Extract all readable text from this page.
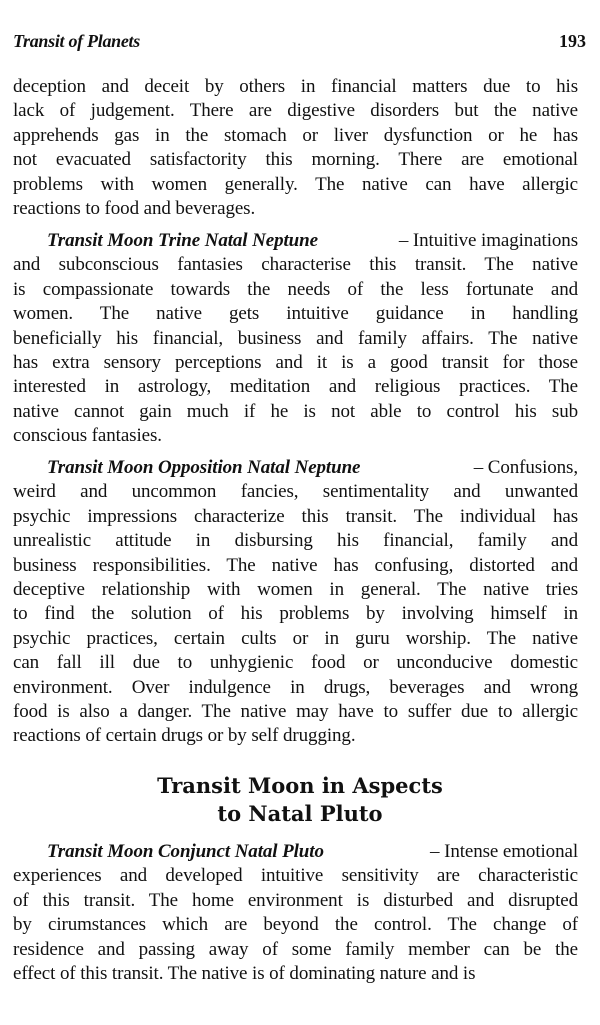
Transit of Planets	193
deception and deceit by others in financial matters due to his
lack of judgement. There are digestive disorders but the native
apprehends gas in the stomach or liver dysfunction or he has
not evacuated satisfactority this morning. There are emotional
problems with women generally. The native can have allergic
reactions to food and beverages.
Transit Moon Trine Natal Neptune	– Intuitive imaginations
and subconscious fantasies characterise this transit. The native
is compassionate towards the needs of the less fortunate and
women. The native gets intuitive guidance in handling
beneficially his financial, business and family affairs. The native
has extra sensory perceptions and it is a good transit for those
interested in astrology, meditation and religious practices. The
native cannot gain much if he is not able to control his sub
conscious fantasies.
Transit Moon Opposition Natal Neptune	– Confusions,
weird and uncommon fancies, sentimentality and unwanted
psychic impressions characterize this transit. The individual has
unrealistic attitude in disbursing his financial, family and
business responsibilities. The native has confusing, distorted and
deceptive relationship with women in general. The native tries
to find the solution of his problems by involving himself in
psychic practices, certain cults or in guru worship. The native
can fall ill due to unhygienic food or unconducive domestic
environment. Over indulgence in drugs, beverages and wrong
food is also a danger. The native may have to suffer due to allergic
reactions of certain drugs or by self drugging.
Transit Moon in Aspects
to Natal Pluto
Transit Moon Conjunct Natal Pluto	– Intense emotional
experiences and developed intuitive sensitivity are characteristic
of this transit. The home environment is disturbed and disrupted
by cirumstances which are beyond the control. The change of
residence and passing away of some family member can be the
effect of this transit. The native is of dominating nature and is
